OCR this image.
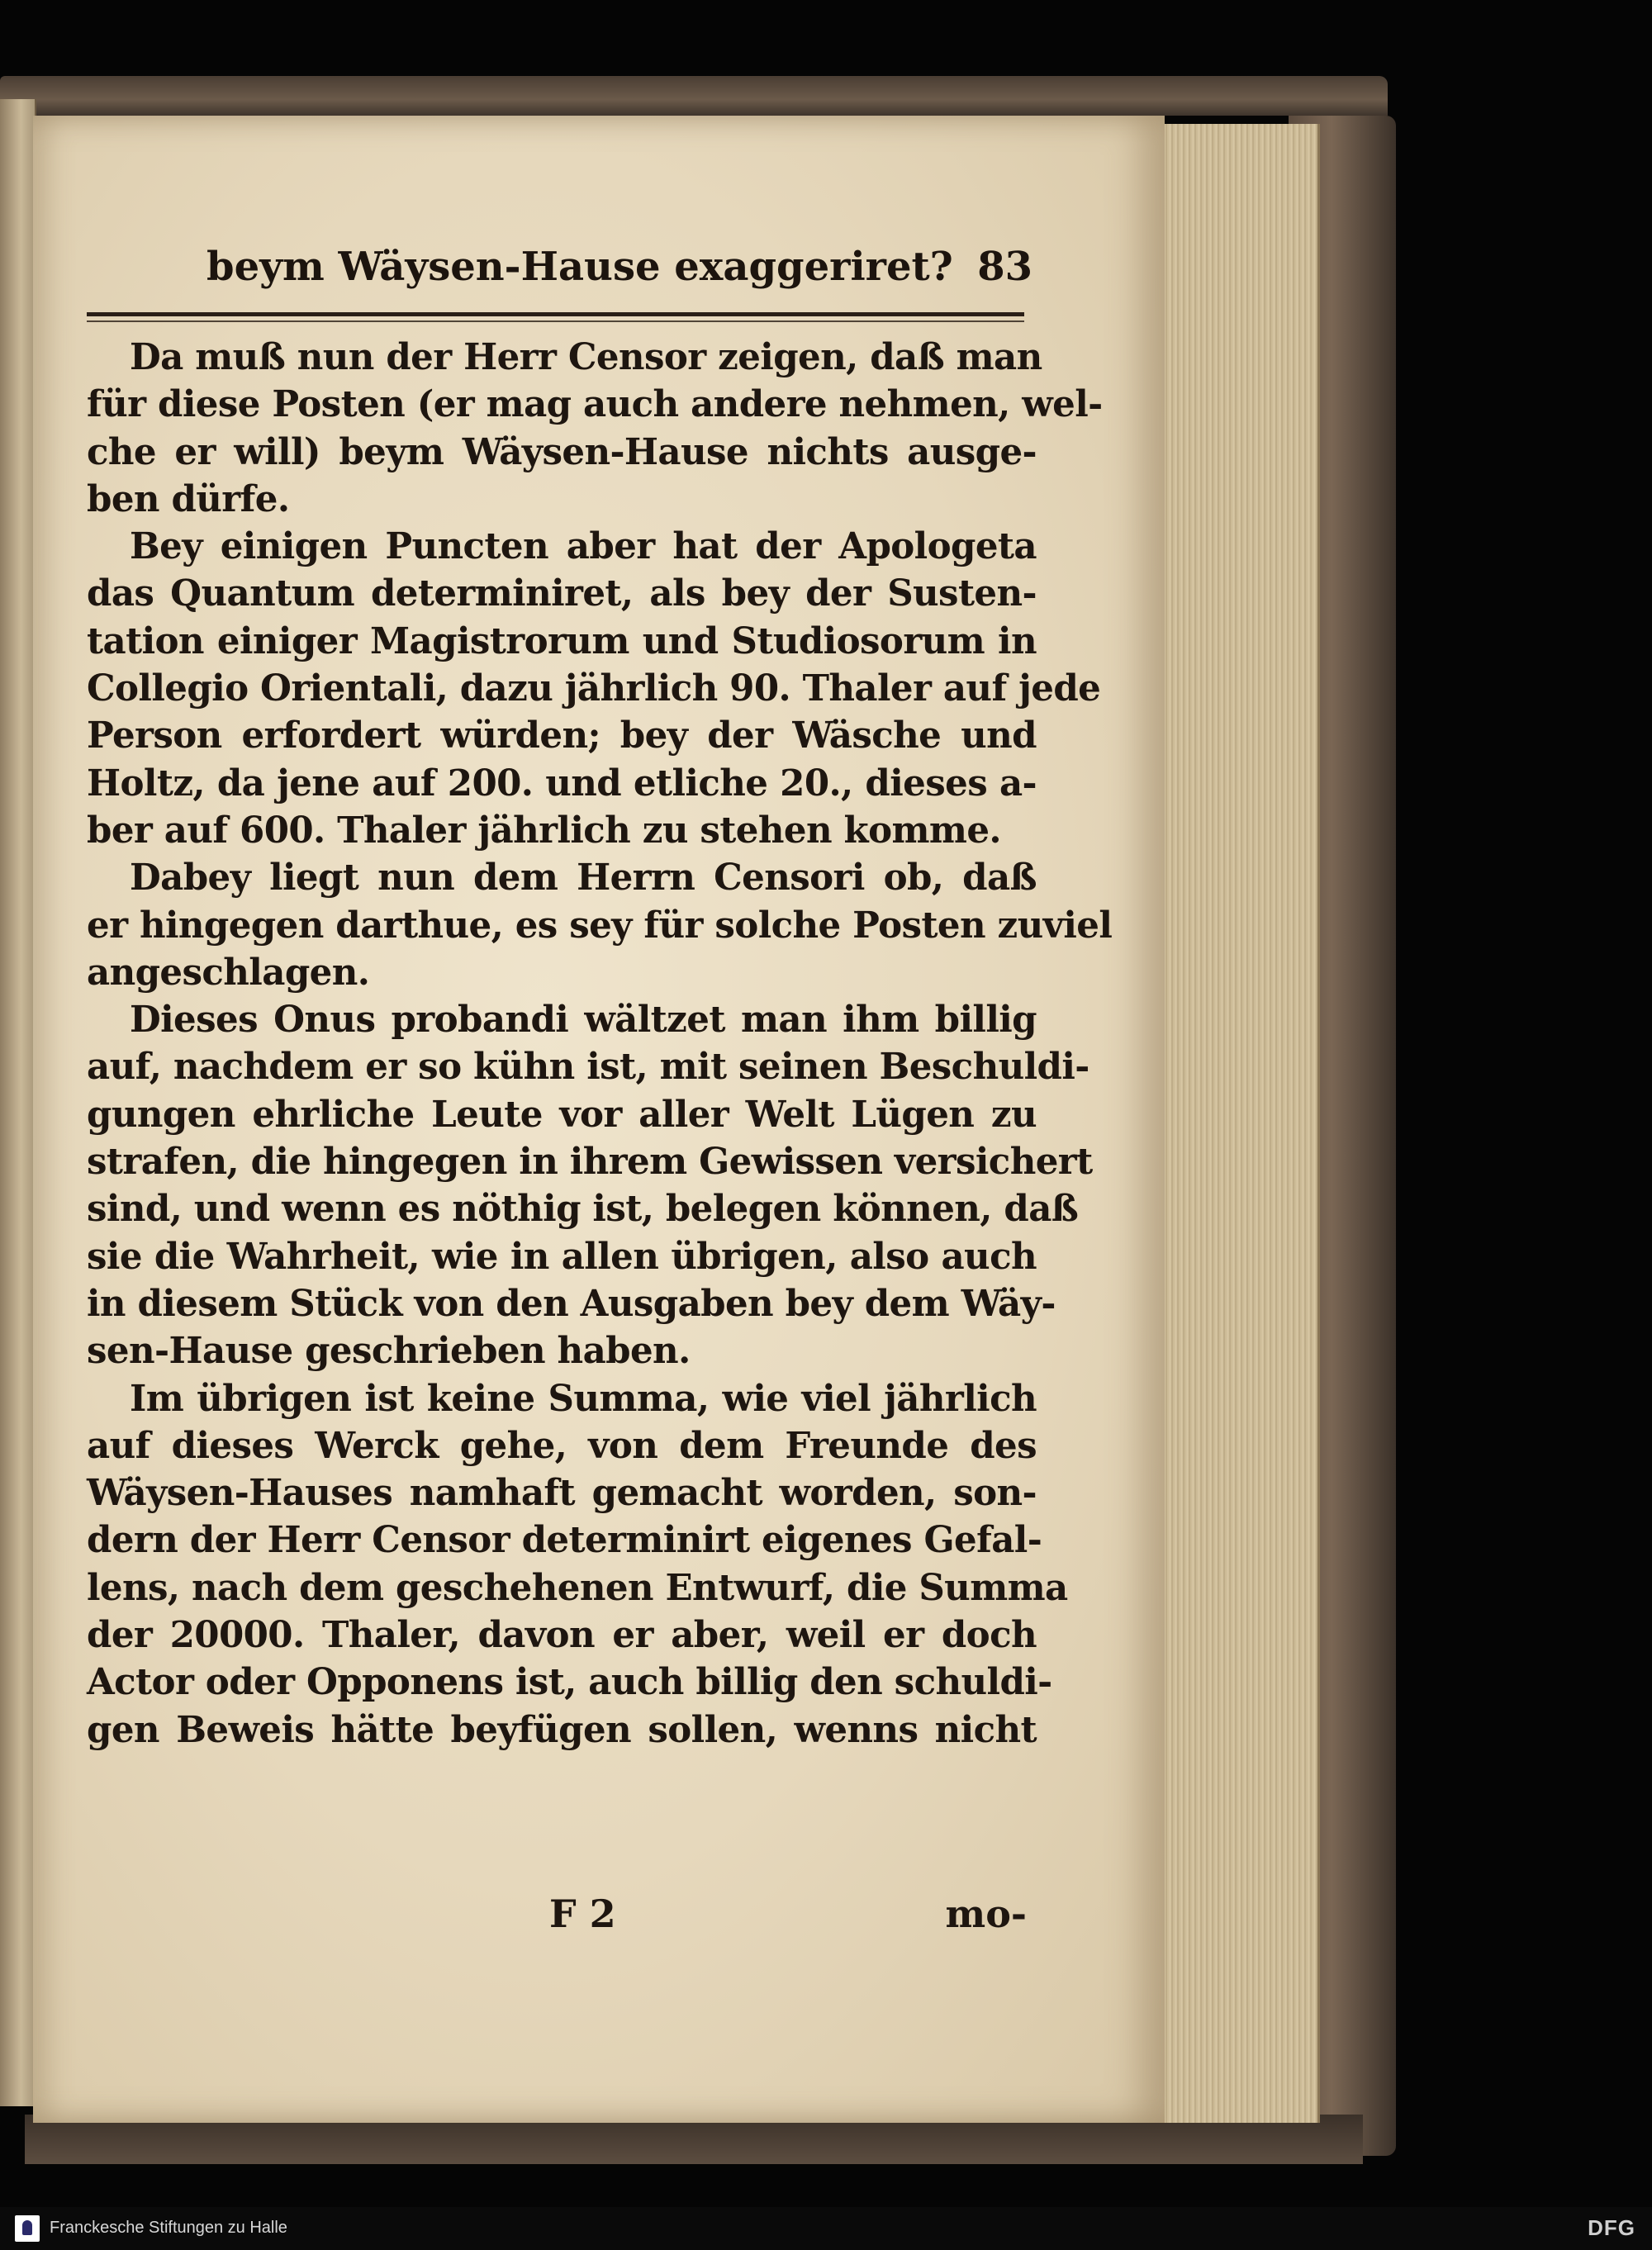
beym Wäysen-Hause exaggeriret? 83
Da muß nun der Herr Censor zeigen, daß man
für diese Posten (er mag auch andere nehmen, wel-
che er will) beym Wäysen-Hause nichts ausge-
ben dürfe.
Bey einigen Puncten aber hat der Apologeta
das Quantum determiniret, als bey der Susten-
tation einiger Magistrorum und Studiosorum in
Collegio Orientali, dazu jährlich 90. Thaler auf jede
Person erfordert würden; bey der Wäsche und
Holtz, da jene auf 200. und etliche 20., dieses a-
ber auf 600. Thaler jährlich zu stehen komme.
Dabey liegt nun dem Herrn Censori ob, daß
er hingegen darthue, es sey für solche Posten zuviel
angeschlagen.
Dieses Onus probandi wältzet man ihm billig
auf, nachdem er so kühn ist, mit seinen Beschuldi-
gungen ehrliche Leute vor aller Welt Lügen zu
strafen, die hingegen in ihrem Gewissen versichert
sind, und wenn es nöthig ist, belegen können, daß
sie die Wahrheit, wie in allen übrigen, also auch
in diesem Stück von den Ausgaben bey dem Wäy-
sen-Hause geschrieben haben.
Im übrigen ist keine Summa, wie viel jährlich
auf dieses Werck gehe, von dem Freunde des
Wäysen-Hauses namhaft gemacht worden, son-
dern der Herr Censor determinirt eigenes Gefal-
lens, nach dem geschehenen Entwurf, die Summa
der 20000. Thaler, davon er aber, weil er doch
Actor oder Opponens ist, auch billig den schuldi-
gen Beweis hätte beyfügen sollen, wenns nicht
F 2	mo-
Franckesche Stiftungen zu Halle	DFG
